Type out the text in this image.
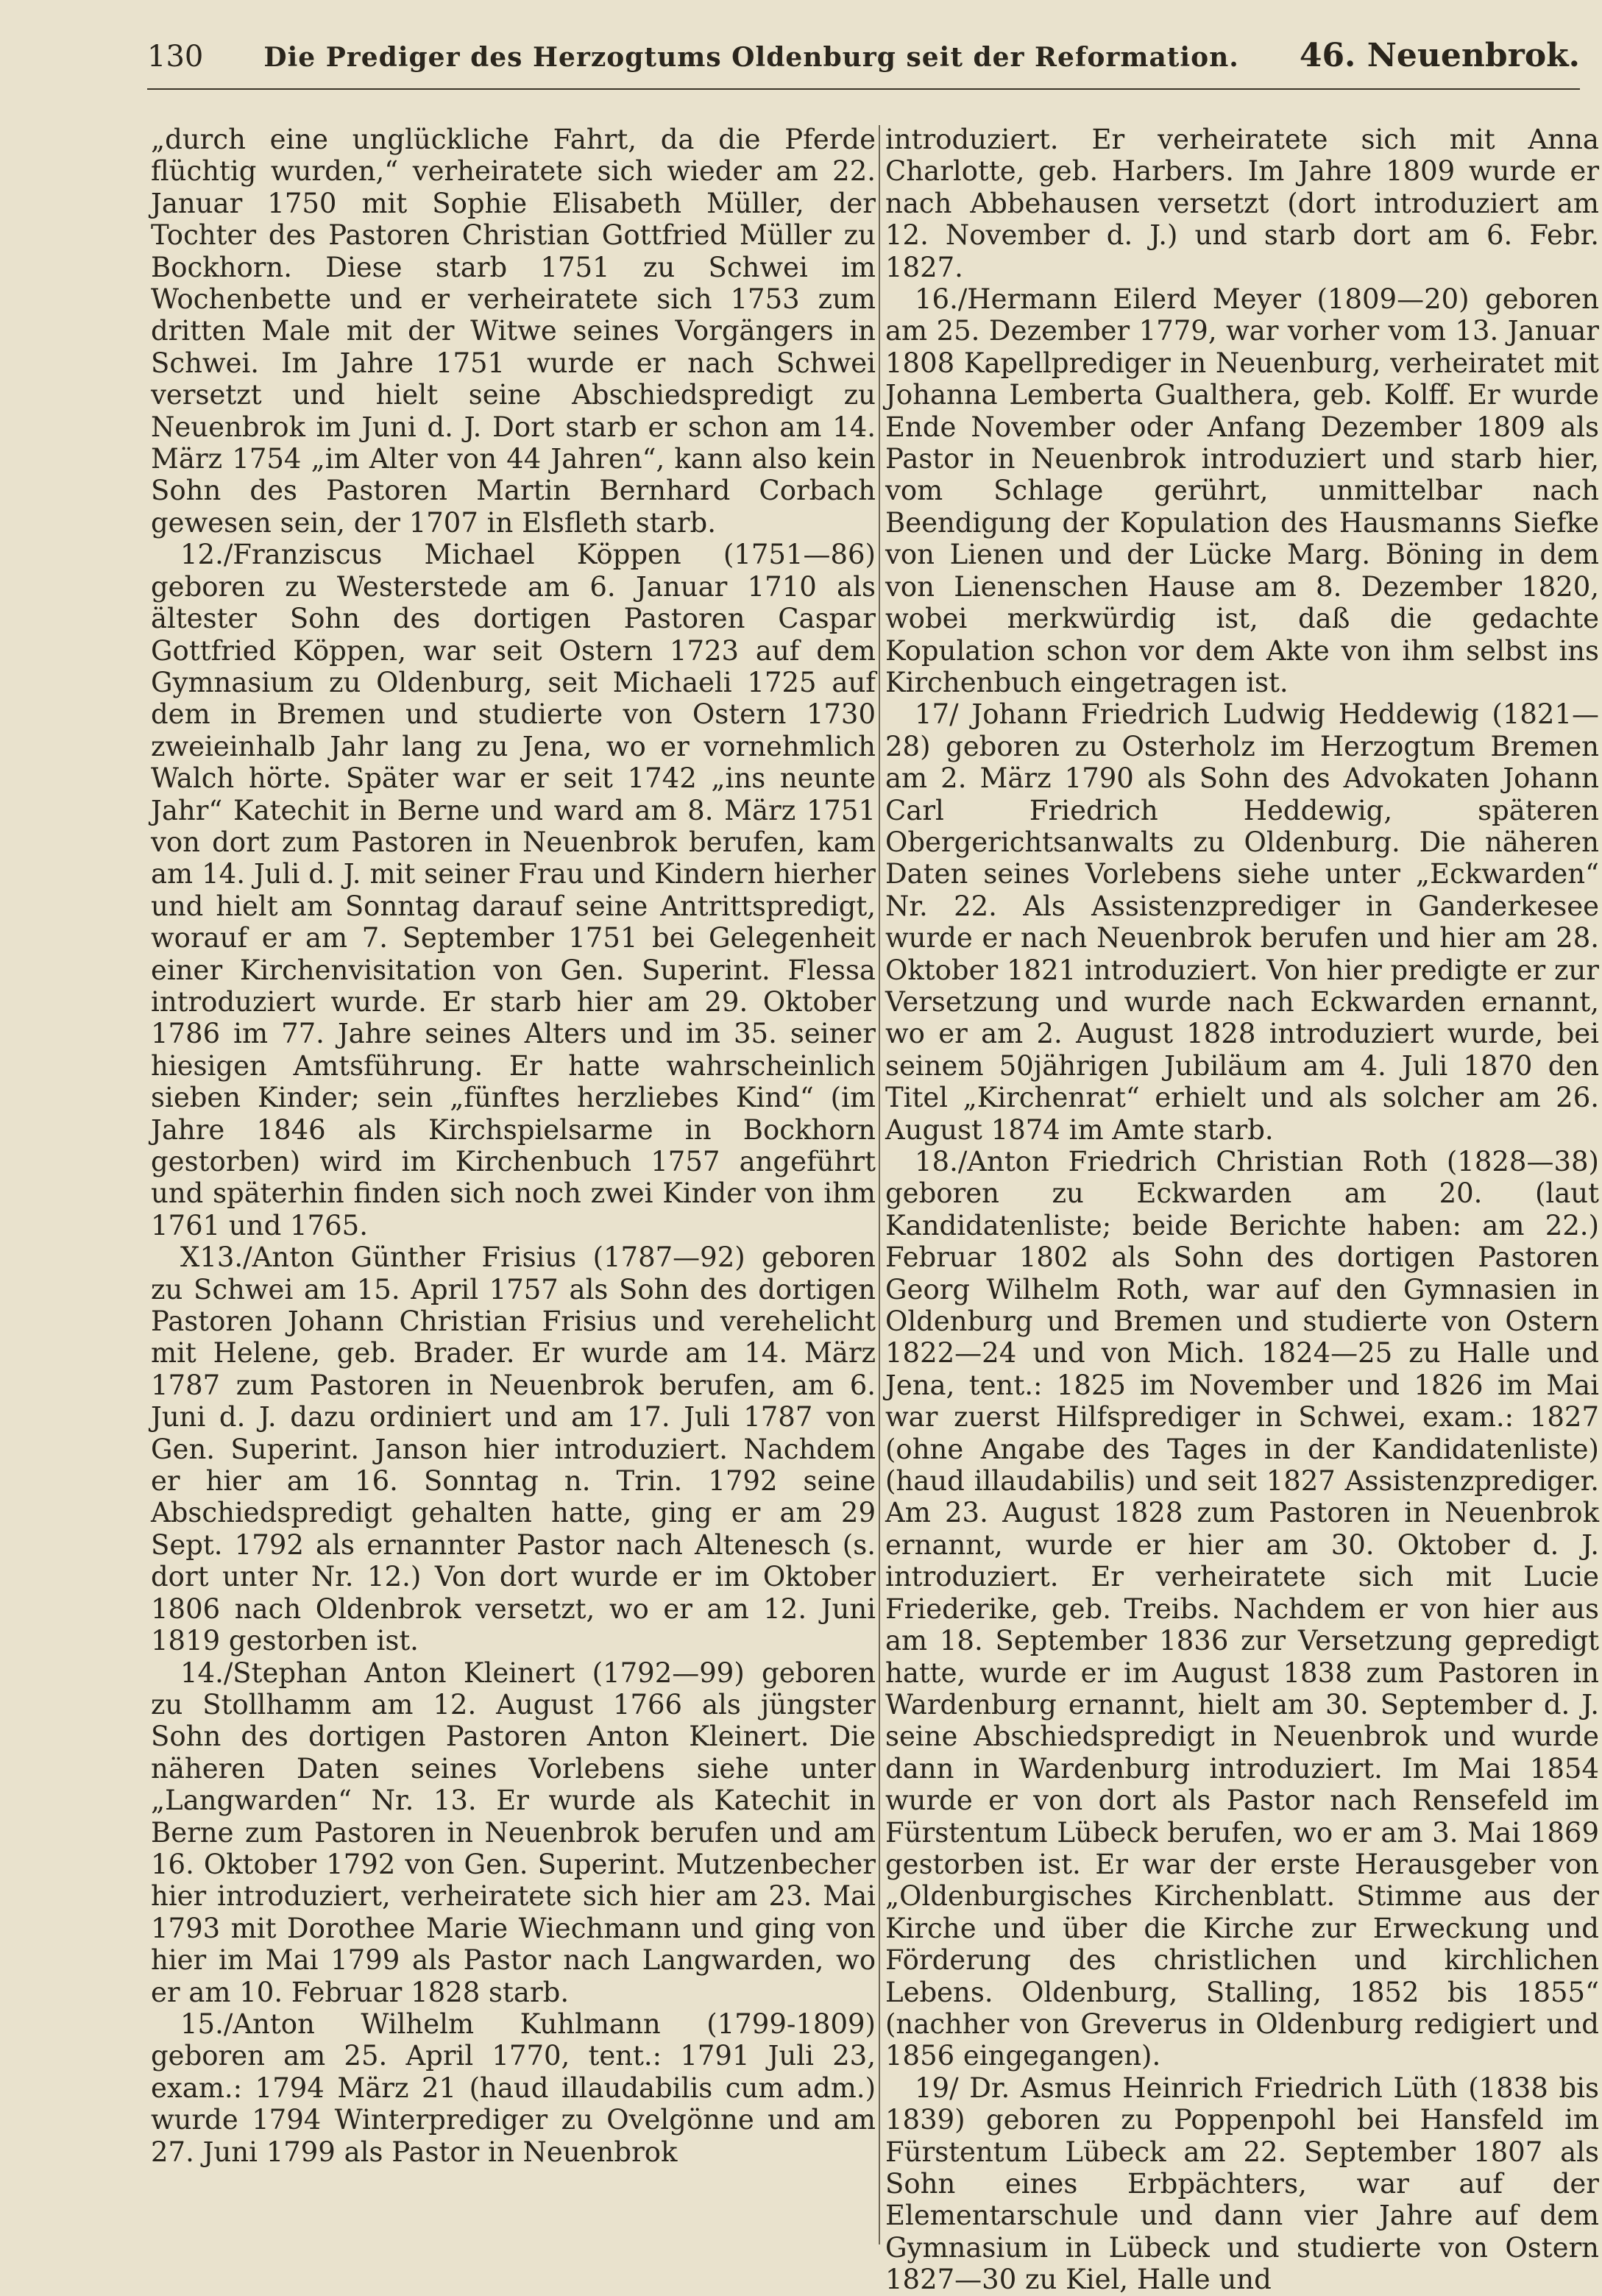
130 Die Prediger des Herzogtums Oldenburg seit der Reformation. 46. Neuenbrok.

„durch eine unglückliche Fahrt, da die Pferde flüchtig wurden,“ verheiratete sich wieder am 22. Januar 1750 mit Sophie Elisabeth Müller, der Tochter des Pastoren Christian Gottfried Müller zu Bockhorn. Diese starb 1751 zu Schwei im Wochenbette und er verheiratete sich 1753 zum dritten Male mit der Witwe seines Vorgängers in Schwei. Im Jahre 1751 wurde er nach Schwei versetzt und hielt seine Abschiedspredigt zu Neuenbrok im Juni d. J. Dort starb er schon am 14. März 1754 „im Alter von 44 Jahren“, kann also kein Sohn des Pastoren Martin Bernhard Corbach gewesen sein, der 1707 in Elsfleth starb.

12./Franziscus Michael Köppen (1751—86) geboren zu Westerstede am 6. Januar 1710 als ältester Sohn des dortigen Pastoren Caspar Gottfried Köppen, war seit Ostern 1723 auf dem Gymnasium zu Oldenburg, seit Michaeli 1725 auf dem in Bremen und studierte von Ostern 1730 zweieinhalb Jahr lang zu Jena, wo er vornehmlich Walch hörte. Später war er seit 1742 „ins neunte Jahr“ Katechit in Berne und ward am 8. März 1751 von dort zum Pastoren in Neuenbrok berufen, kam am 14. Juli d. J. mit seiner Frau und Kindern hierher und hielt am Sonntag darauf seine Antrittspredigt, worauf er am 7. September 1751 bei Gelegenheit einer Kirchenvisitation von Gen. Superint. Flessa introduziert wurde. Er starb hier am 29. Oktober 1786 im 77. Jahre seines Alters und im 35. seiner hiesigen Amtsführung. Er hatte wahrscheinlich sieben Kinder; sein „fünftes herzliebes Kind“ (im Jahre 1846 als Kirchspielsarme in Bockhorn gestorben) wird im Kirchenbuch 1757 angeführt und späterhin finden sich noch zwei Kinder von ihm 1761 und 1765.

X13./Anton Günther Frisius (1787—92) geboren zu Schwei am 15. April 1757 als Sohn des dortigen Pastoren Johann Christian Frisius und verehelicht mit Helene, geb. Brader. Er wurde am 14. März 1787 zum Pastoren in Neuenbrok berufen, am 6. Juni d. J. dazu ordiniert und am 17. Juli 1787 von Gen. Superint. Janson hier introduziert. Nachdem er hier am 16. Sonntag n. Trin. 1792 seine Abschiedspredigt gehalten hatte, ging er am 29 Sept. 1792 als ernannter Pastor nach Altenesch (s. dort unter Nr. 12.) Von dort wurde er im Oktober 1806 nach Oldenbrok versetzt, wo er am 12. Juni 1819 gestorben ist.

14./Stephan Anton Kleinert (1792—99) geboren zu Stollhamm am 12. August 1766 als jüngster Sohn des dortigen Pastoren Anton Kleinert. Die näheren Daten seines Vorlebens siehe unter „Langwarden“ Nr. 13. Er wurde als Katechit in Berne zum Pastoren in Neuenbrok berufen und am 16. Oktober 1792 von Gen. Superint. Mutzenbecher hier introduziert, verheiratete sich hier am 23. Mai 1793 mit Dorothee Marie Wiechmann und ging von hier im Mai 1799 als Pastor nach Langwarden, wo er am 10. Februar 1828 starb.

15./Anton Wilhelm Kuhlmann (1799-1809) geboren am 25. April 1770, tent.: 1791 Juli 23, exam.: 1794 März 21 (haud illaudabilis cum adm.) wurde 1794 Winterprediger zu Ovelgönne und am 27. Juni 1799 als Pastor in Neuenbrok

introduziert. Er verheiratete sich mit Anna Charlotte, geb. Harbers. Im Jahre 1809 wurde er nach Abbehausen versetzt (dort introduziert am 12. November d. J.) und starb dort am 6. Febr. 1827.

16./Hermann Eilerd Meyer (1809—20) geboren am 25. Dezember 1779, war vorher vom 13. Januar 1808 Kapellprediger in Neuenburg, verheiratet mit Johanna Lemberta Gualthera, geb. Kolff. Er wurde Ende November oder Anfang Dezember 1809 als Pastor in Neuenbrok introduziert und starb hier, vom Schlage gerührt, unmittelbar nach Beendigung der Kopulation des Hausmanns Siefke von Lienen und der Lücke Marg. Böning in dem von Lienenschen Hause am 8. Dezember 1820, wobei merkwürdig ist, daß die gedachte Kopulation schon vor dem Akte von ihm selbst ins Kirchenbuch eingetragen ist.

17/ Johann Friedrich Ludwig Heddewig (1821—28) geboren zu Osterholz im Herzogtum Bremen am 2. März 1790 als Sohn des Advokaten Johann Carl Friedrich Heddewig, späteren Obergerichtsanwalts zu Oldenburg. Die näheren Daten seines Vorlebens siehe unter „Eckwarden“ Nr. 22. Als Assistenzprediger in Ganderkesee wurde er nach Neuenbrok berufen und hier am 28. Oktober 1821 introduziert. Von hier predigte er zur Versetzung und wurde nach Eckwarden ernannt, wo er am 2. August 1828 introduziert wurde, bei seinem 50jährigen Jubiläum am 4. Juli 1870 den Titel „Kirchenrat“ erhielt und als solcher am 26. August 1874 im Amte starb.

18./Anton Friedrich Christian Roth (1828—38) geboren zu Eckwarden am 20. (laut Kandidatenliste; beide Berichte haben: am 22.) Februar 1802 als Sohn des dortigen Pastoren Georg Wilhelm Roth, war auf den Gymnasien in Oldenburg und Bremen und studierte von Ostern 1822—24 und von Mich. 1824—25 zu Halle und Jena, tent.: 1825 im November und 1826 im Mai war zuerst Hilfsprediger in Schwei, exam.: 1827 (ohne Angabe des Tages in der Kandidatenliste) (haud illaudabilis) und seit 1827 Assistenzprediger. Am 23. August 1828 zum Pastoren in Neuenbrok ernannt, wurde er hier am 30. Oktober d. J. introduziert. Er verheiratete sich mit Lucie Friederike, geb. Treibs. Nachdem er von hier aus am 18. September 1836 zur Versetzung gepredigt hatte, wurde er im August 1838 zum Pastoren in Wardenburg ernannt, hielt am 30. September d. J. seine Abschiedspredigt in Neuenbrok und wurde dann in Wardenburg introduziert. Im Mai 1854 wurde er von dort als Pastor nach Rensefeld im Fürstentum Lübeck berufen, wo er am 3. Mai 1869 gestorben ist. Er war der erste Herausgeber von „Oldenburgisches Kirchenblatt. Stimme aus der Kirche und über die Kirche zur Erweckung und Förderung des christlichen und kirchlichen Lebens. Oldenburg, Stalling, 1852 bis 1855“ (nachher von Greverus in Oldenburg redigiert und 1856 eingegangen).

19/ Dr. Asmus Heinrich Friedrich Lüth (1838 bis 1839) geboren zu Poppenpohl bei Hansfeld im Fürstentum Lübeck am 22. September 1807 als Sohn eines Erbpächters, war auf der Elementarschule und dann vier Jahre auf dem Gymnasium in Lübeck und studierte von Ostern 1827—30 zu Kiel, Halle und
